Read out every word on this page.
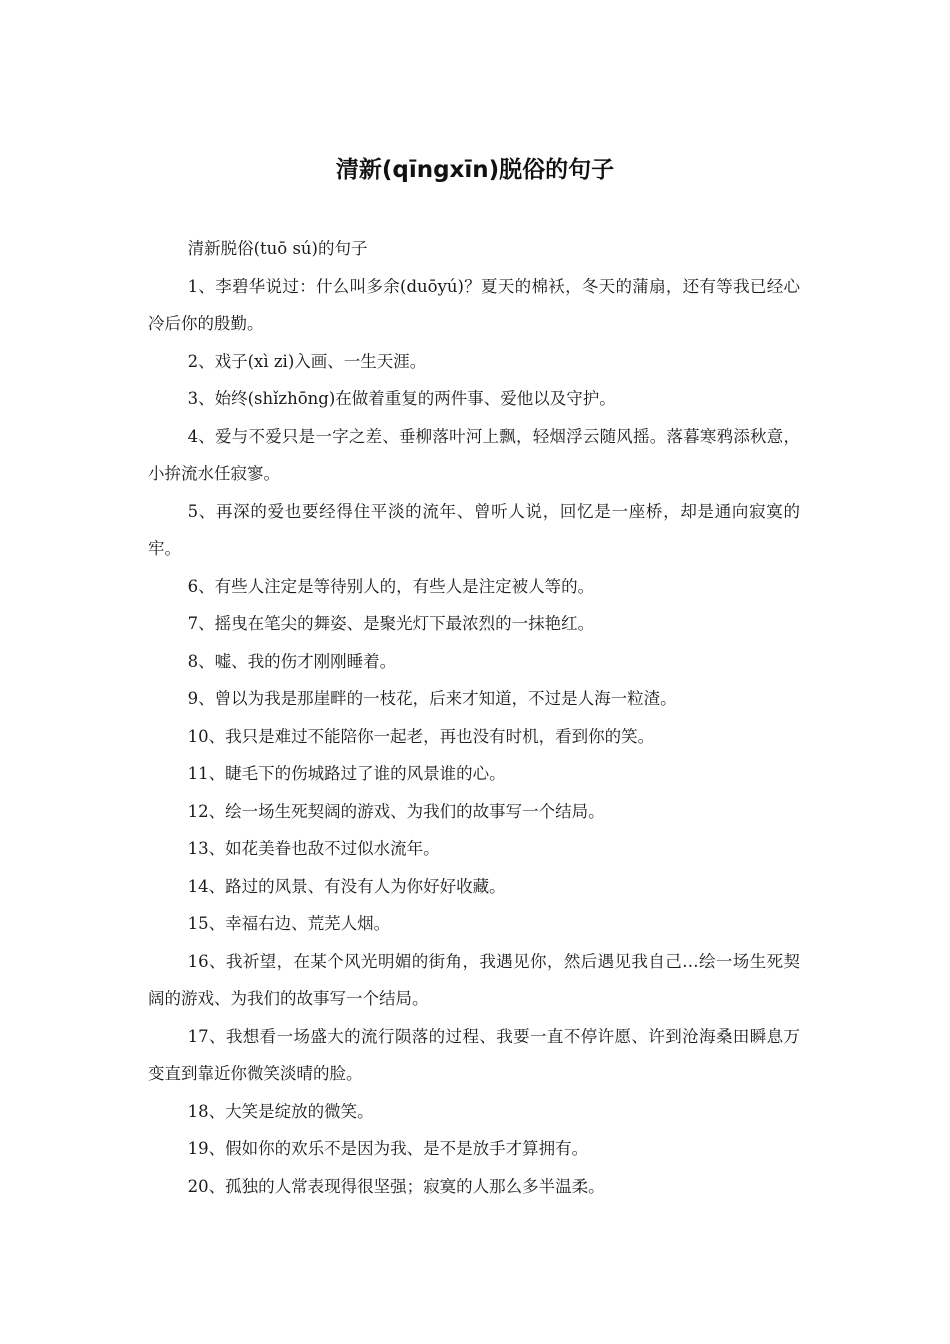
清新(qīngxīn)脱俗的句子

清新脱俗(tuō sú)的句子

1、李碧华说过：什么叫多余(duōyú)？夏天的棉袄，冬天的蒲扇，还有等我已经心冷后你的殷勤。

2、戏子(xì zi)入画、一生天涯。

3、始终(shǐzhōng)在做着重复的两件事、爱他以及守护。

4、爱与不爱只是一字之差、垂柳落叶河上飘，轻烟浮云随风摇。落暮寒鸦添秋意，小拚流水任寂寥。

5、再深的爱也要经得住平淡的流年、曾听人说，回忆是一座桥，却是通向寂寞的牢。

6、有些人注定是等待别人的，有些人是注定被人等的。

7、摇曳在笔尖的舞姿、是聚光灯下最浓烈的一抹艳红。

8、嘘、我的伤才刚刚睡着。

9、曾以为我是那崖畔的一枝花，后来才知道，不过是人海一粒渣。

10、我只是难过不能陪你一起老，再也没有时机，看到你的笑。

11、睫毛下的伤城路过了谁的风景谁的心。

12、绘一场生死契阔的游戏、为我们的故事写一个结局。

13、如花美眷也敌不过似水流年。

14、路过的风景、有没有人为你好好收藏。

15、幸福右边、荒芜人烟。

16、我祈望，在某个风光明媚的街角，我遇见你，然后遇见我自己…绘一场生死契阔的游戏、为我们的故事写一个结局。

17、我想看一场盛大的流行陨落的过程、我要一直不停许愿、许到沧海桑田瞬息万变直到靠近你微笑淡晴的脸。

18、大笑是绽放的微笑。

19、假如你的欢乐不是因为我、是不是放手才算拥有。

20、孤独的人常表现得很坚强；寂寞的人那么多半温柔。
